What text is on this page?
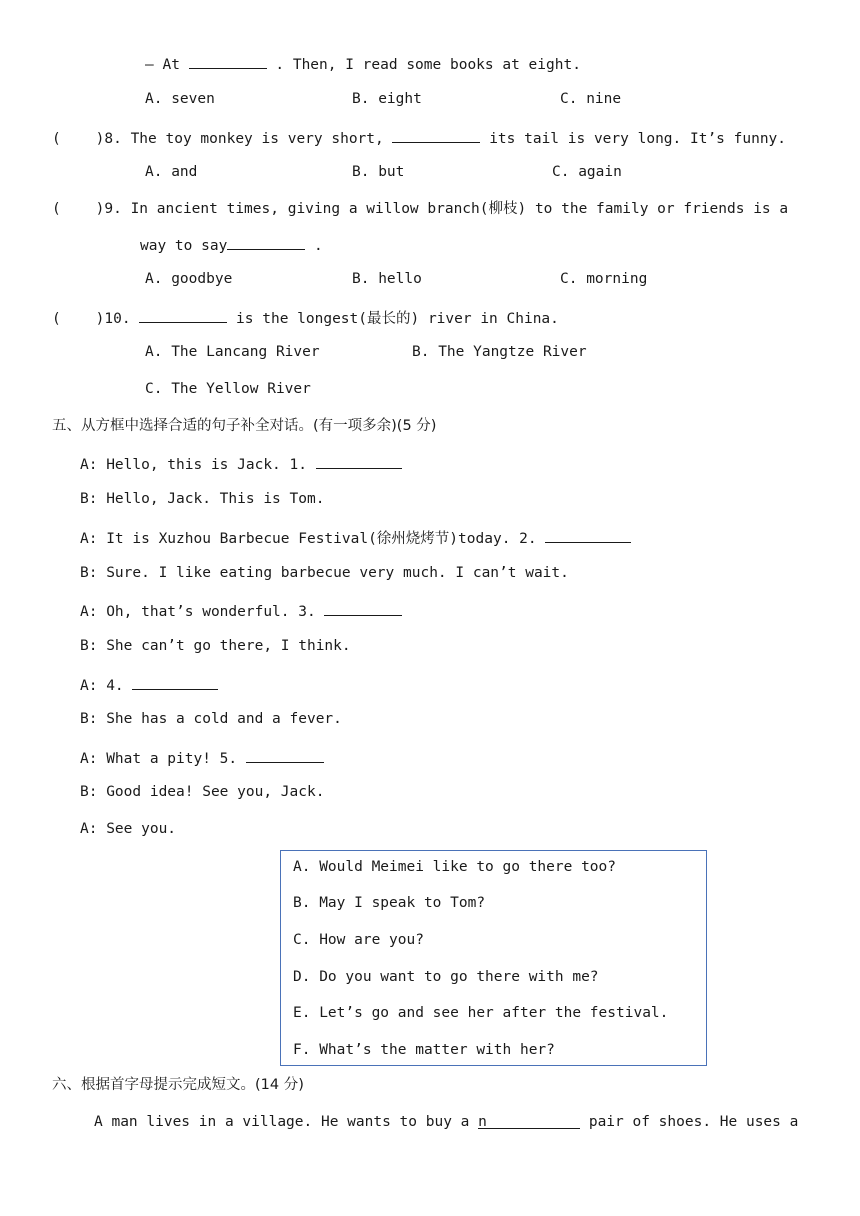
— At	. Then, I read some books at eight.
A. seven	B. eight	C. nine
(    )8. The toy monkey is very short,	its tail is very long. It’s funny.
A. and	B. but	C. again
(    )9. In ancient times, giving a willow branch(柳枝) to the family or friends is a
way to say	.
A. goodbye	B. hello	C. morning
(    )10.	is the longest(最长的) river in China.
A. The Lancang River	B. The Yangtze River
C. The Yellow River
五、从方框中选择合适的句子补全对话。(有一项多余)(5 分)
A: Hello, this is Jack. 1.
B: Hello, Jack. This is Tom.
A: It is Xuzhou Barbecue Festival(徐州烧烤节)today. 2.
B: Sure. I like eating barbecue very much. I can’t wait.
A: Oh, that’s wonderful. 3.
B: She can’t go there, I think.
A: 4.
B: She has a cold and a fever.
A: What a pity! 5.
B: Good idea! See you, Jack.
A: See you.
A. Would Meimei like to go there too?
B. May I speak to Tom?
C. How are you?
D. Do you want to go there with me?
E. Let’s go and see her after the festival.
F. What’s the matter with her?
六、根据首字母提示完成短文。(14 分)
A man lives in a village. He wants to buy a n	pair of shoes. He uses a
